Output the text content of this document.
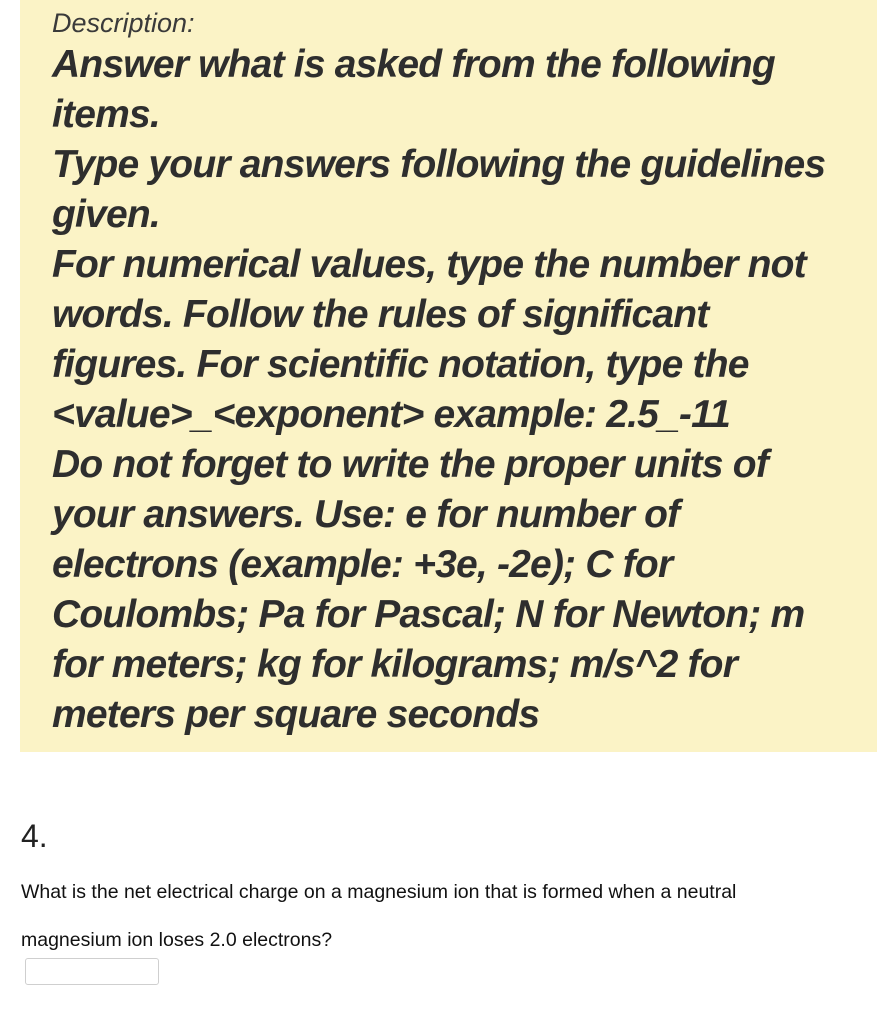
Description:

Answer what is asked from the following
items.
Type your answers following the guidelines
given.
For numerical values, type the number not
words. Follow the rules of significant
figures. For scientific notation, type the
<value>_<exponent> example: 2.5_-11
Do not forget to write the proper units of
your answers. Use: e for number of
electrons (example: +3e, -2e); C for
Coulombs; Pa for Pascal; N for Newton; m
for meters; kg for kilograms; m/s^2 for
meters per square seconds

4.

What is the net electrical charge on a magnesium ion that is formed when a neutral magnesium ion loses 2.0 electrons?
